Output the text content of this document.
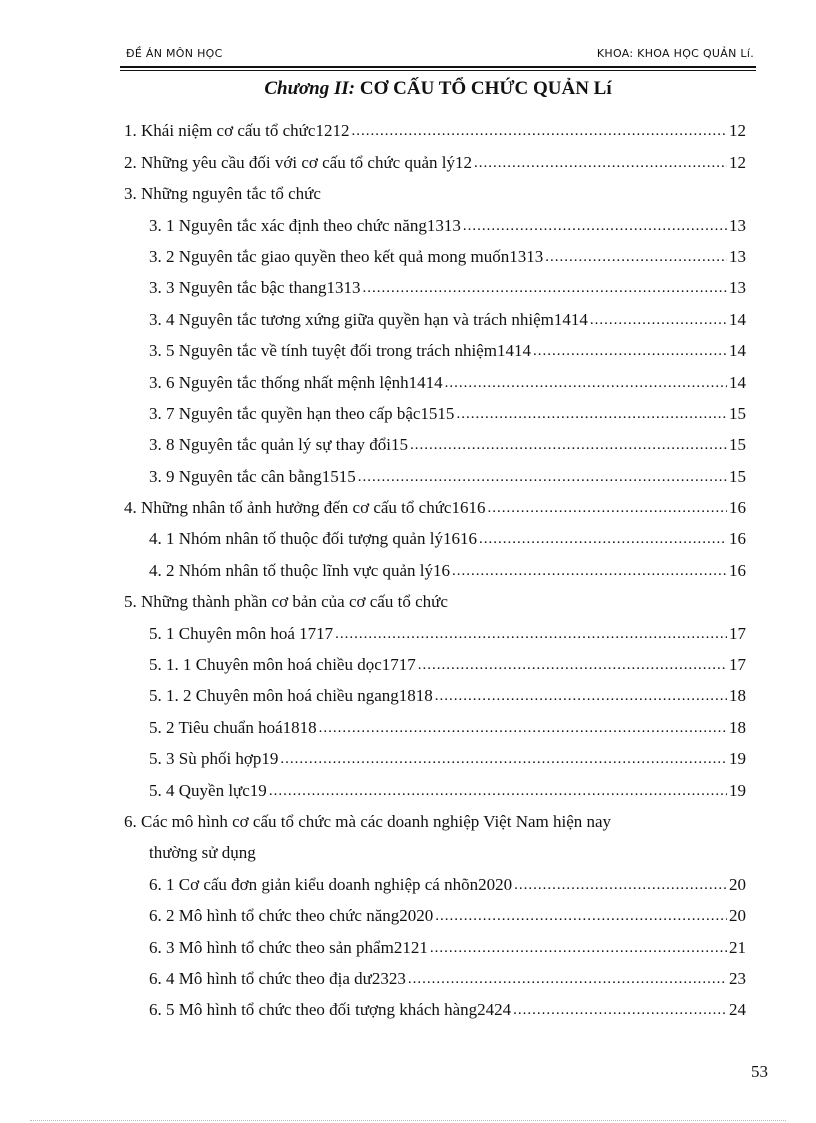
ĐỀ ÁN MÔN HỌC	KHOA: KHOA HỌC QUẢN Lí.
Chương II: CƠ CẤU TỔ CHỨC QUẢN Lí
1. Khái niệm cơ cấu tổ chức1212 .....	12
2. Những yêu cầu đối với cơ cấu tổ chức quản lý12 .....	12
3. Những nguyên tắc tổ chức
3. 1 Nguyên tắc xác định theo chức năng1313 .....	13
3. 2 Nguyên tắc giao quyền theo kết quả mong muốn1313 .....	13
3. 3 Nguyên tắc bậc thang1313 .....	13
3. 4 Nguyên tắc tương xứng giữa quyền hạn và trách nhiệm1414 .....	14
3. 5 Nguyên tắc về tính tuyệt đối trong trách nhiệm1414 .....	14
3. 6 Nguyên tắc thống nhất mệnh lệnh1414 .....	14
3. 7 Nguyên tắc quyền hạn theo cấp bậc1515 .....	15
3. 8 Nguyên tắc quản lý sự thay đổi15 .....	15
3. 9 Nguyên tắc cân bằng1515 .....	15
4. Những nhân tố ảnh hưởng đến cơ cấu tổ chức1616 .....	16
4. 1 Nhóm nhân tố thuộc đối tượng quản lý1616 .....	16
4. 2 Nhóm nhân tố thuộc lĩnh vực quản lý16 .....	16
5. Những thành phần cơ bản của cơ cấu tổ chức
5. 1 Chuyên môn hoá 1717 .....	17
5. 1. 1 Chuyên môn hoá chiều dọc1717 .....	17
5. 1. 2 Chuyên môn hoá chiều ngang1818 .....	18
5. 2 Tiêu chuẩn hoá1818 .....	18
5. 3 Sù phối hợp19 .....	19
5. 4 Quyền lực19 .....	19
6. Các mô hình cơ cấu tổ chức mà các doanh nghiệp Việt Nam hiện nay
thường sử dụng
6. 1 Cơ cấu đơn giản kiểu doanh nghiệp cá nhõn2020 .....	20
6. 2 Mô hình tổ chức theo chức năng2020 .....	20
6. 3 Mô hình tổ chức theo sản phẩm2121 .....	21
6. 4 Mô hình tổ chức theo địa dư2323 .....	23
6. 5 Mô hình tổ chức theo đối tượng khách hàng2424 .....	24
53
